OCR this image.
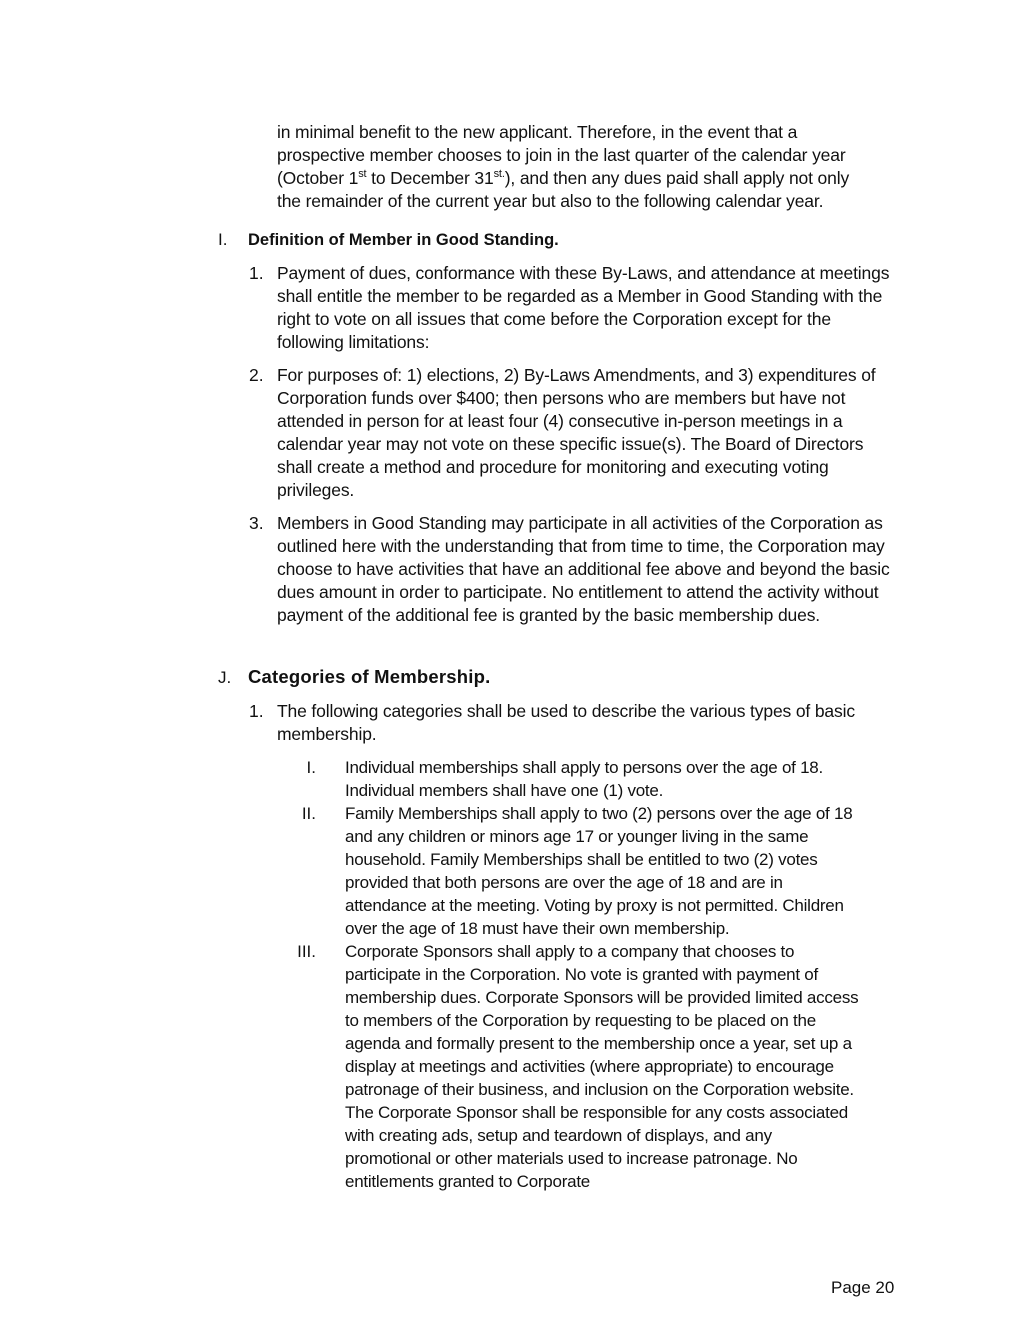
in minimal benefit to the new applicant. Therefore, in the event that a
prospective member chooses to join in the last quarter of the calendar year
(October 1st to December $31^{st.}$), and then any dues paid shall apply not only
the remainder of the current year but also to the following calendar year.
I. Definition of Member in Good Standing.
1. Payment of dues, conformance with these By-Laws, and attendance at meetings shall entitle the member to be regarded as a Member in Good Standing with the right to vote on all issues that come before the Corporation except for the following limitations:
2. For purposes of: 1) elections, 2) By-Laws Amendments, and 3) expenditures of Corporation funds over $400; then persons who are members but have not attended in person for at least four (4) consecutive in-person meetings in a calendar year may not vote on these specific issue(s). The Board of Directors shall create a method and procedure for monitoring and executing voting privileges.
3. Members in Good Standing may participate in all activities of the Corporation as outlined here with the understanding that from time to time, the Corporation may choose to have activities that have an additional fee above and beyond the basic dues amount in order to participate. No entitlement to attend the activity without payment of the additional fee is granted by the basic membership dues.
J. Categories of Membership.
1. The following categories shall be used to describe the various types of basic
membership.
I. Individual memberships shall apply to persons over the age of 18. Individual members shall have one (1) vote.
II. Family Memberships shall apply to two (2) persons over the age of 18 and any children or minors age 17 or younger living in the same household. Family Memberships shall be entitled to two (2) votes provided that both persons are over the age of 18 and are in attendance at the meeting. Voting by proxy is not permitted. Children over the age of 18 must have their own membership.
III. Corporate Sponsors shall apply to a company that chooses to participate in the Corporation. No vote is granted with payment of membership dues. Corporate Sponsors will be provided limited access to members of the Corporation by requesting to be placed on the agenda and formally present to the membership once a year, set up a display at meetings and activities (where appropriate) to encourage patronage of their business, and inclusion on the Corporation website. The Corporate Sponsor shall be responsible for any costs associated with creating ads, setup and teardown of displays, and any promotional or other materials used to increase patronage. No entitlements granted to Corporate
Page 20
